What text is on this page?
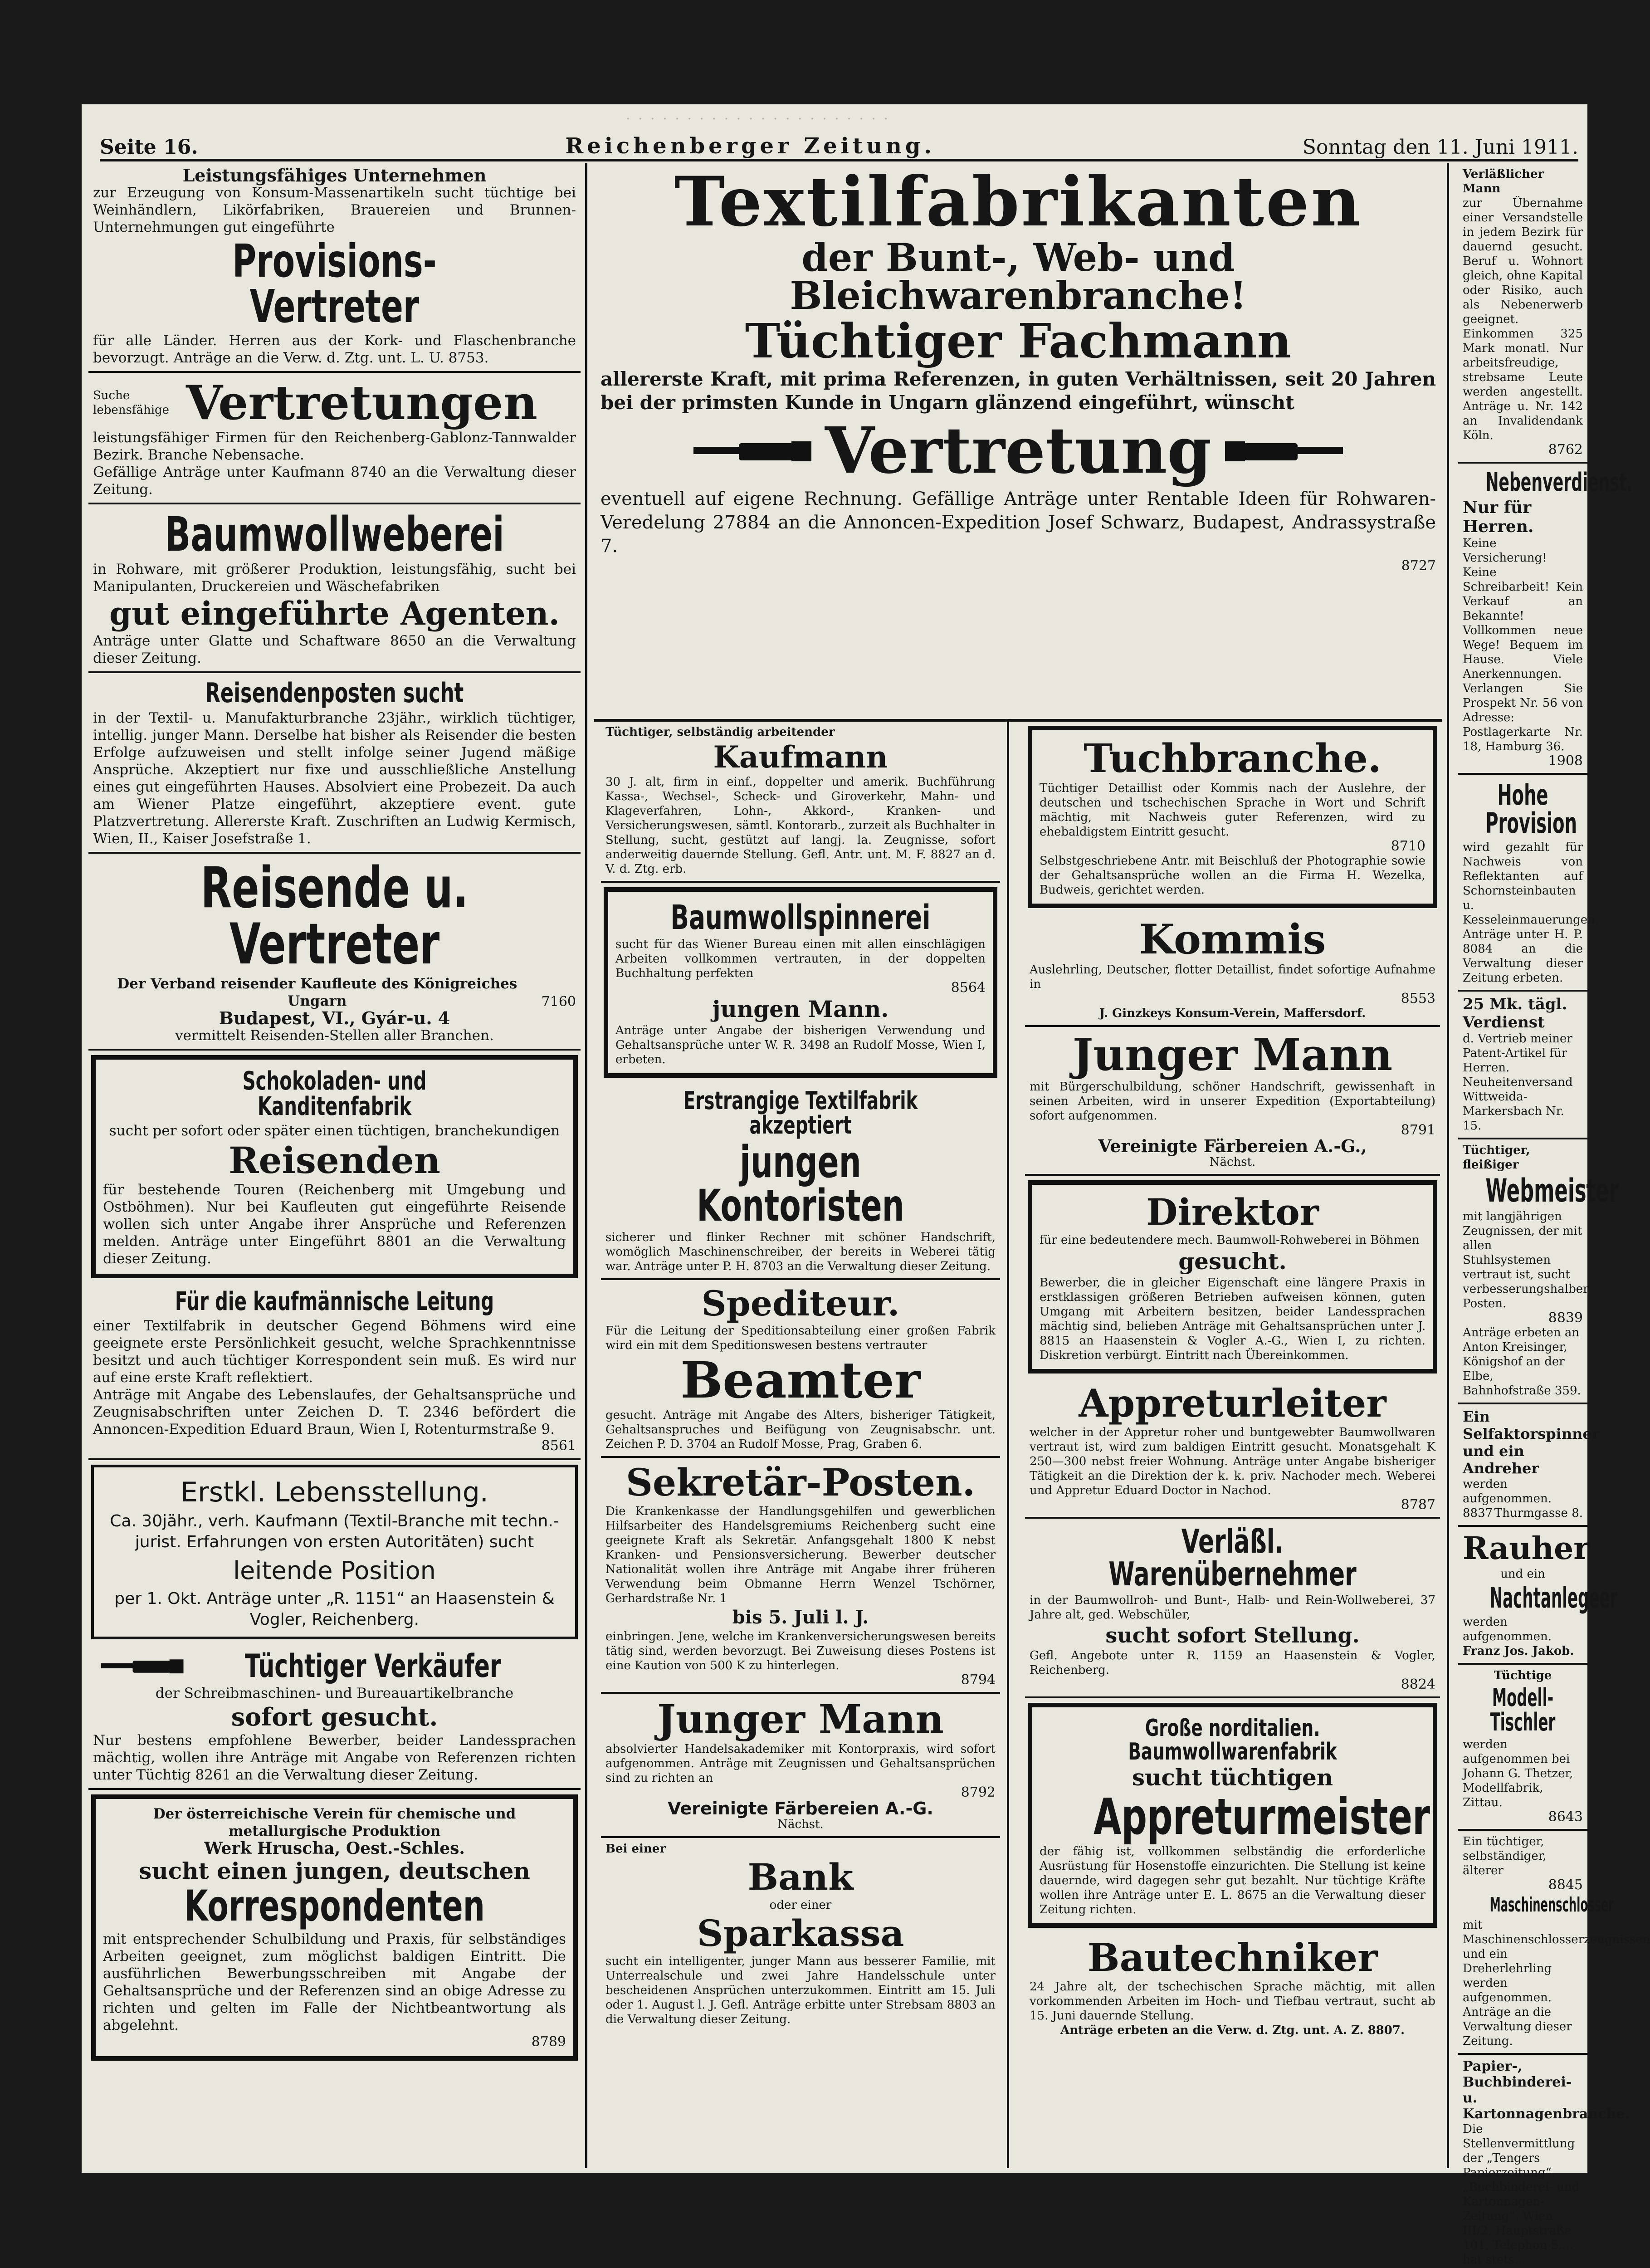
· · · · · · · · · · · · · · · · · · · · · ·
Seite 16.	Reichenberger Zeitung.	Sonntag den 11. Juni 1911.
Leistungsfähiges Unternehmen
zur Erzeugung von Konsum-Massenartikeln sucht tüchtige bei Weinhändlern, Likörfabriken, Brauereien und Brunnen-Unternehmungen gut eingeführte
Provisions-Vertreter
für alle Länder. Herren aus der Kork- und Flaschenbranche bevorzugt. Anträge an die Verw. d. Ztg. unt. L. U. 8753.
Suche lebensfähige Vertretungen
leistungsfähiger Firmen für den Reichenberg-Gablonz-Tannwalder Bezirk. Branche Nebensache.
Gefällige Anträge unter Kaufmann 8740 an die Verwaltung dieser Zeitung.
Baumwollweberei
in Rohware, mit größerer Produktion, leistungsfähig, sucht bei Manipulanten, Druckereien und Wäschefabriken
gut eingeführte Agenten.
Anträge unter Glatte und Schaftware 8650 an die Verwaltung dieser Zeitung.
Reisendenposten sucht
in der Textil- u. Manufakturbranche 23jähr., wirklich tüchtiger, intellig. junger Mann. Derselbe hat bisher als Reisender die besten Erfolge aufzuweisen und stellt infolge seiner Jugend mäßige Ansprüche. Akzeptiert nur fixe und ausschließliche Anstellung eines gut eingeführten Hauses. Absolviert eine Probezeit. Da auch am Wiener Platze eingeführt, akzeptiere event. gute Platzvertretung. Allererste Kraft. Zuschriften an Ludwig Kermisch, Wien, II., Kaiser Josefstraße 1.
Reisende u. Vertreter
Der Verband reisender Kaufleute des Königreiches Ungarn	7160
Budapest, VI., Gyár-u. 4
vermittelt Reisenden-Stellen aller Branchen.
Schokoladen- und Kanditenfabrik
sucht per sofort oder später einen tüchtigen, branchekundigen
Reisenden
für bestehende Touren (Reichenberg mit Umgebung und Ostböhmen). Nur bei Kaufleuten gut eingeführte Reisende wollen sich unter Angabe ihrer Ansprüche und Referenzen melden. Anträge unter Eingeführt 8801 an die Verwaltung dieser Zeitung.
Für die kaufmännische Leitung
einer Textilfabrik in deutscher Gegend Böhmens wird eine geeignete erste Persönlichkeit gesucht, welche Sprachkenntnisse besitzt und auch tüchtiger Korrespondent sein muß. Es wird nur auf eine erste Kraft reflektiert.
Anträge mit Angabe des Lebenslaufes, der Gehaltsansprüche und Zeugnisabschriften unter Zeichen D. T. 2346 befördert die Annoncen-Expedition Eduard Braun, Wien I, Rotenturmstraße 9.
8561
Erstkl. Lebensstellung.
Ca. 30jähr., verh. Kaufmann (Textil-Branche mit techn.-jurist. Erfahrungen von ersten Autoritäten) sucht
leitende Position
per 1. Okt. Anträge unter „R. 1151“ an Haasenstein & Vogler, Reichenberg.
Tüchtiger Verkäufer
der Schreibmaschinen- und Bureauartikelbranche
sofort gesucht.
Nur bestens empfohlene Bewerber, beider Landessprachen mächtig, wollen ihre Anträge mit Angabe von Referenzen richten unter Tüchtig 8261 an die Verwaltung dieser Zeitung.
Der österreichische Verein für chemische und metallurgische Produktion
Werk Hruscha, Oest.-Schles.
sucht einen jungen, deutschen
Korrespondenten
mit entsprechender Schulbildung und Praxis, für selbständiges Arbeiten geeignet, zum möglichst baldigen Eintritt. Die ausführlichen Bewerbungsschreiben mit Angabe der Gehaltsansprüche und der Referenzen sind an obige Adresse zu richten und gelten im Falle der Nichtbeantwortung als abgelehnt.
8789
Textilfabrikanten
der Bunt-, Web- und Bleichwarenbranche!
Tüchtiger Fachmann
allererste Kraft, mit prima Referenzen, in guten Verhältnissen, seit 20 Jahren bei der primsten Kunde in Ungarn glänzend eingeführt, wünscht
Vertretung
eventuell auf eigene Rechnung. Gefällige Anträge unter Rentable Ideen für Rohwaren-Veredelung 27884 an die Annoncen-Expedition Josef Schwarz, Budapest, Andrassystraße 7.
8727
Tüchtiger, selbständig arbeitender
Kaufmann
30 J. alt, firm in einf., doppelter und amerik. Buchführung Kassa-, Wechsel-, Scheck- und Giroverkehr, Mahn- und Klageverfahren, Lohn-, Akkord-, Kranken- und Versicherungswesen, sämtl. Kontorarb., zurzeit als Buchhalter in Stellung, sucht, gestützt auf langj. la. Zeugnisse, sofort anderweitig dauernde Stellung. Gefl. Antr. unt. M. F. 8827 an d. V. d. Ztg. erb.
Baumwollspinnerei
sucht für das Wiener Bureau einen mit allen einschlägigen Arbeiten vollkommen vertrauten, in der doppelten Buchhaltung perfekten
8564
jungen Mann.
Anträge unter Angabe der bisherigen Verwendung und Gehaltsansprüche unter W. R. 3498 an Rudolf Mosse, Wien I, erbeten.
Erstrangige Textilfabrik akzeptiert
jungen Kontoristen
sicherer und flinker Rechner mit schöner Handschrift, womöglich Maschinenschreiber, der bereits in Weberei tätig war. Anträge unter P. H. 8703 an die Verwaltung dieser Zeitung.
Spediteur.
Für die Leitung der Speditionsabteilung einer großen Fabrik wird ein mit dem Speditionswesen bestens vertrauter
Beamter
gesucht. Anträge mit Angabe des Alters, bisheriger Tätigkeit, Gehaltsanspruches und Beifügung von Zeugnisabschr. unt. Zeichen P. D. 3704 an Rudolf Mosse, Prag, Graben 6.
Sekretär-Posten.
Die Krankenkasse der Handlungsgehilfen und gewerblichen Hilfsarbeiter des Handelsgremiums Reichenberg sucht eine geeignete Kraft als Sekretär. Anfangsgehalt 1800 K nebst Kranken- und Pensionsversicherung. Bewerber deutscher Nationalität wollen ihre Anträge mit Angabe ihrer früheren Verwendung beim Obmanne Herrn Wenzel Tschörner, Gerhardstraße Nr. 1
bis 5. Juli l. J.
einbringen. Jene, welche im Krankenversicherungswesen bereits tätig sind, werden bevorzugt. Bei Zuweisung dieses Postens ist eine Kaution von 500 K zu hinterlegen.
8794
Junger Mann
absolvierter Handelsakademiker mit Kontorpraxis, wird sofort aufgenommen. Anträge mit Zeugnissen und Gehaltsansprüchen sind zu richten an
8792
Vereinigte Färbereien A.-G.
Nächst.
Bei einer
Bank
oder einer
Sparkassa
sucht ein intelligenter, junger Mann aus besserer Familie, mit Unterrealschule und zwei Jahre Handelsschule unter bescheidenen Ansprüchen unterzukommen. Eintritt am 15. Juli oder 1. August l. J. Gefl. Anträge erbitte unter Strebsam 8803 an die Verwaltung dieser Zeitung.
Tuchbranche.
Tüchtiger Detaillist oder Kommis nach der Auslehre, der deutschen und tschechischen Sprache in Wort und Schrift mächtig, mit Nachweis guter Referenzen, wird zu ehebaldigstem Eintritt gesucht.
8710
Selbstgeschriebene Antr. mit Beischluß der Photographie sowie der Gehaltsansprüche wollen an die Firma H. Wezelka, Budweis, gerichtet werden.
Kommis
Auslehrling, Deutscher, flotter Detaillist, findet sofortige Aufnahme in
8553
J. Ginzkeys Konsum-Verein, Maffersdorf.
Junger Mann
mit Bürgerschulbildung, schöner Handschrift, gewissenhaft in seinen Arbeiten, wird in unserer Expedition (Exportabteilung) sofort aufgenommen.
8791
Vereinigte Färbereien A.-G.,
Nächst.
Direktor
für eine bedeutendere mech. Baumwoll-Rohweberei in Böhmen
gesucht.
Bewerber, die in gleicher Eigenschaft eine längere Praxis in erstklassigen größeren Betrieben aufweisen können, guten Umgang mit Arbeitern besitzen, beider Landessprachen mächtig sind, belieben Anträge mit Gehaltsansprüchen unter J. 8815 an Haasenstein & Vogler A.-G., Wien I, zu richten. Diskretion verbürgt. Eintritt nach Übereinkommen.
Appreturleiter
welcher in der Appretur roher und buntgewebter Baumwollwaren vertraut ist, wird zum baldigen Eintritt gesucht. Monatsgehalt K 250—300 nebst freier Wohnung. Anträge unter Angabe bisheriger Tätigkeit an die Direktion der k. k. priv. Nachoder mech. Weberei und Appretur Eduard Doctor in Nachod.
8787
Verläßl. Warenübernehmer
in der Baumwollroh- und Bunt-, Halb- und Rein-Wollweberei, 37 Jahre alt, ged. Webschüler,
sucht sofort Stellung.
Gefl. Angebote unter R. 1159 an Haasenstein & Vogler, Reichenberg.
8824
Große norditalien. Baumwollwarenfabrik
sucht tüchtigen
Appreturmeister
der fähig ist, vollkommen selbständig die erforderliche Ausrüstung für Hosenstoffe einzurichten. Die Stellung ist keine dauernde, wird dagegen sehr gut bezahlt. Nur tüchtige Kräfte wollen ihre Anträge unter E. L. 8675 an die Verwaltung dieser Zeitung richten.
Bautechniker
24 Jahre alt, der tschechischen Sprache mächtig, mit allen vorkommenden Arbeiten im Hoch- und Tiefbau vertraut, sucht ab 15. Juni dauernde Stellung.
Anträge erbeten an die Verw. d. Ztg. unt. A. Z. 8807.
Verläßlicher Mann
zur Übernahme einer Versandstelle in jedem Bezirk für dauernd gesucht. Beruf u. Wohnort gleich, ohne Kapital oder Risiko, auch als Nebenerwerb geeignet. Einkommen 325 Mark monatl. Nur arbeitsfreudige, strebsame Leute werden angestellt. Anträge u. Nr. 142 an Invalidendank Köln.
8762
Nebenverdienst.
Nur für Herren.
Keine Versicherung! Keine Schreibarbeit! Kein Verkauf an Bekannte! Vollkommen neue Wege! Bequem im Hause. Viele Anerkennungen. Verlangen Sie Prospekt Nr. 56 von Adresse: Postlagerkarte Nr. 18, Hamburg 36.
1908
Hohe Provision
wird gezahlt für Nachweis von Reflektanten auf Schornsteinbauten u. Kesseleinmauerungen. Anträge unter H. P. 8084 an die Verwaltung dieser Zeitung erbeten.
25 Mk. tägl. Verdienst
d. Vertrieb meiner Patent-Artikel für Herren. Neuheitenversand Wittweida-Markersbach Nr. 15.
Tüchtiger, fleißiger
Webmeister
mit langjährigen Zeugnissen, der mit allen Stuhlsystemen vertraut ist, sucht verbesserungshalber Posten.
8839
Anträge erbeten an Anton Kreisinger, Königshof an der Elbe, Bahnhofstraße 359.
Ein Selfaktorspinner und ein Andreher
werden aufgenommen.
8837 Thurmgasse 8.
Rauher
und ein
Nachtanlegeer
werden aufgenommen.
Franz Jos. Jakob.
Tüchtige
Modell-Tischler
werden aufgenommen bei Johann G. Thetzer, Modellfabrik, Zittau.
8643
Ein tüchtiger, selbständiger, älterer
8845
Maschinenschlosser
mit Maschinenschlosserzeugnissen und ein Dreherlehrling werden aufgenommen. Anträge an die Verwaltung dieser Zeitung.
Papier-, Buchbinderei- u. Kartonnagenbranche.
Die Stellenvermittlung der „Tengers Papierzeitung“, „Buchbinderei- und Kartonnagen-Zeitung“, Wien III/2, Hauptstraße 101, Telephon 5.... hat stets...
